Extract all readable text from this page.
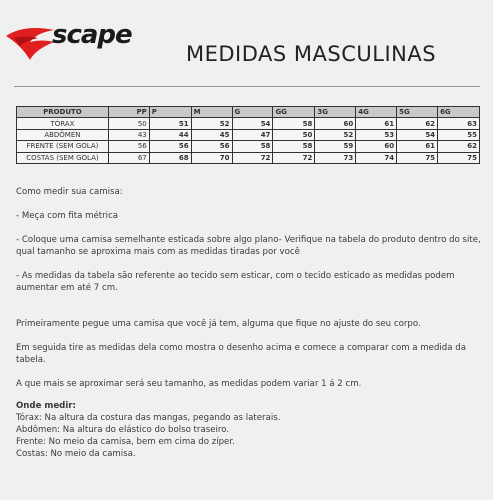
scape
MEDIDAS MASCULINAS
PRODUTO	PP	P	M	G	GG	3G	4G	5G	6G
TÓRAX	50	51	52	54	58	60	61	62	63
ABDÔMEN	43	44	45	47	50	52	53	54	55
FRENTE (SEM GOLA)	56	56	56	58	58	59	60	61	62
COSTAS (SEM GOLA)	67	68	70	72	72	73	74	75	75

Como medir sua camisa:

- Meça com fita métrica

- Coloque uma camisa semelhante esticada sobre algo plano- Verifique na tabela do produto dentro do site, qual tamanho se aproxima mais com as medidas tiradas por você

- As medidas da tabela são referente ao tecido sem esticar, com o tecido esticado as medidas podem aumentar em até 7 cm.

Primeiramente pegue uma camisa que você já tem, alguma que fique no ajuste do seu corpo.

Em seguida tire as medidas dela como mostra o desenho acima e comece a comparar com a medida da tabela.

A que mais se aproximar será seu tamanho, as medidas podem variar 1 á 2 cm.

Onde medir:

Tórax: Na altura da costura das mangas, pegando as laterais.

Abdômen: Na altura do elástico do bolso traseiro.

Frente: No meio da camisa, bem em cima do zíper.

Costas: No meio da camisa.
